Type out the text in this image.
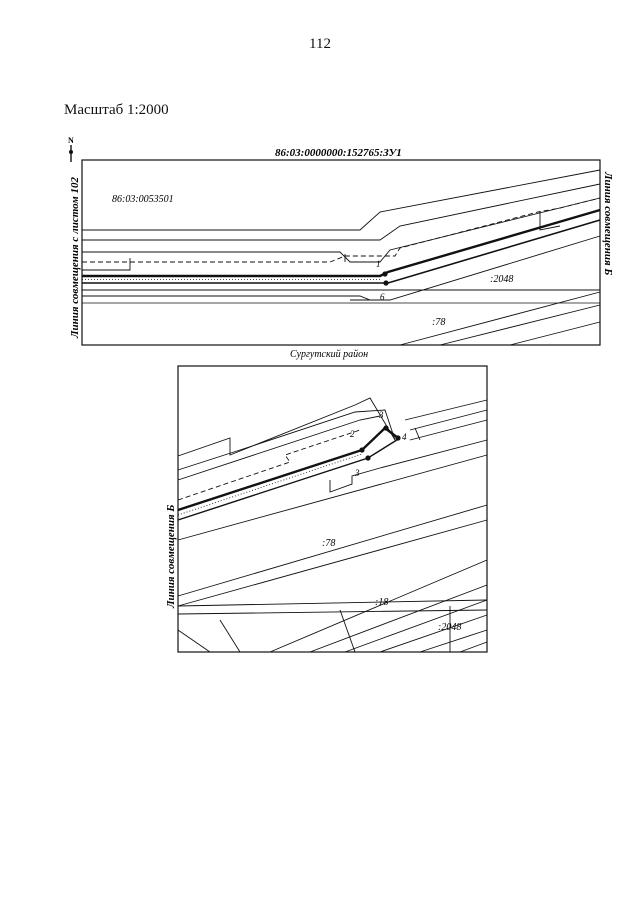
112
Масштаб 1:2000
N
Линия совмещения с листом 102	Линия совмещения Б
86:03:0000000:152765:ЗУ1
86:03:0053501
1
6
:2048
:78
Сургутский район
Линия совмещения Б
2
3
3
4
:78
:18
:2048
